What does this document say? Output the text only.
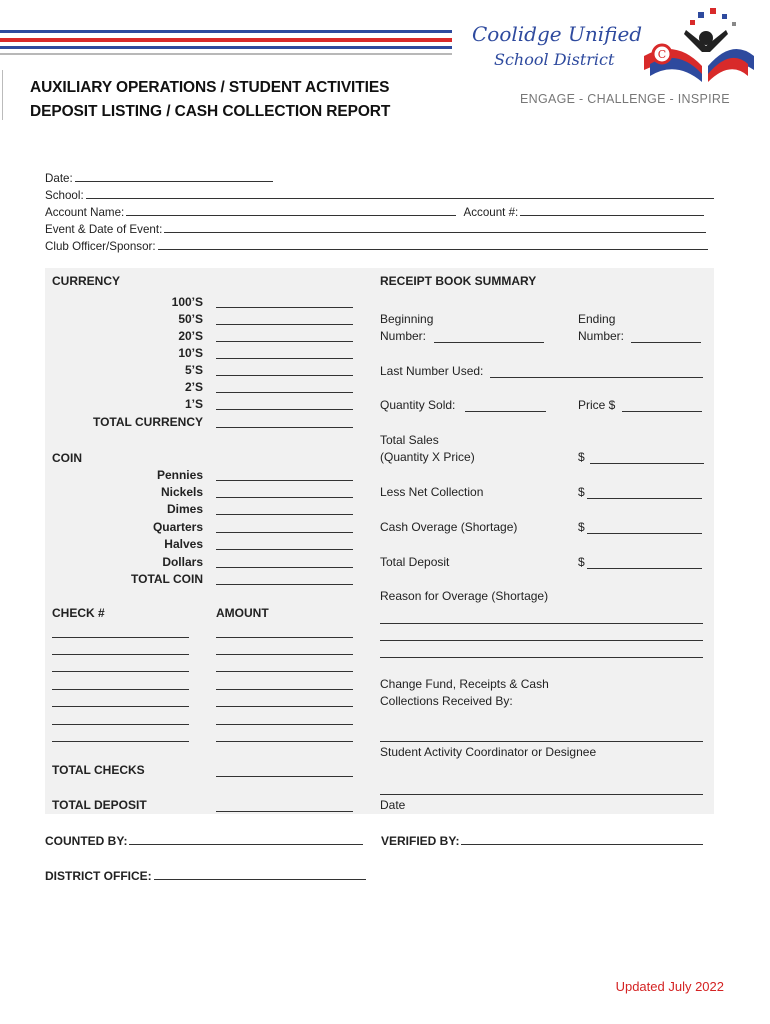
Coolidge Unified
School District	C
ENGAGE - CHALLENGE - INSPIRE
AUXILIARY OPERATIONS / STUDENT ACTIVITIES
DEPOSIT LISTING / CASH COLLECTION REPORT
Date:
School:
Account Name:	Account #:
Event & Date of Event:
Club Officer/Sponsor:
CURRENCY
100’S
50’S
20’S
10’S
5’S
2’S
1’S
TOTAL CURRENCY
COIN
Pennies
Nickels
Dimes
Quarters
Halves
Dollars
TOTAL COIN
CHECK #	AMOUNT
TOTAL CHECKS
TOTAL DEPOSIT
RECEIPT BOOK SUMMARY
Beginning
Number:
Ending
Number:
Last Number Used:
Quantity Sold:	Price $
Total Sales
(Quantity X Price)	$
Less Net Collection	$
Cash Overage (Shortage)	$
Total Deposit	$
Reason for Overage (Shortage)
Change Fund, Receipts & Cash
Collections Received By:
Student Activity Coordinator or Designee
Date
COUNTED BY:	VERIFIED BY:
DISTRICT OFFICE:
Updated July 2022
